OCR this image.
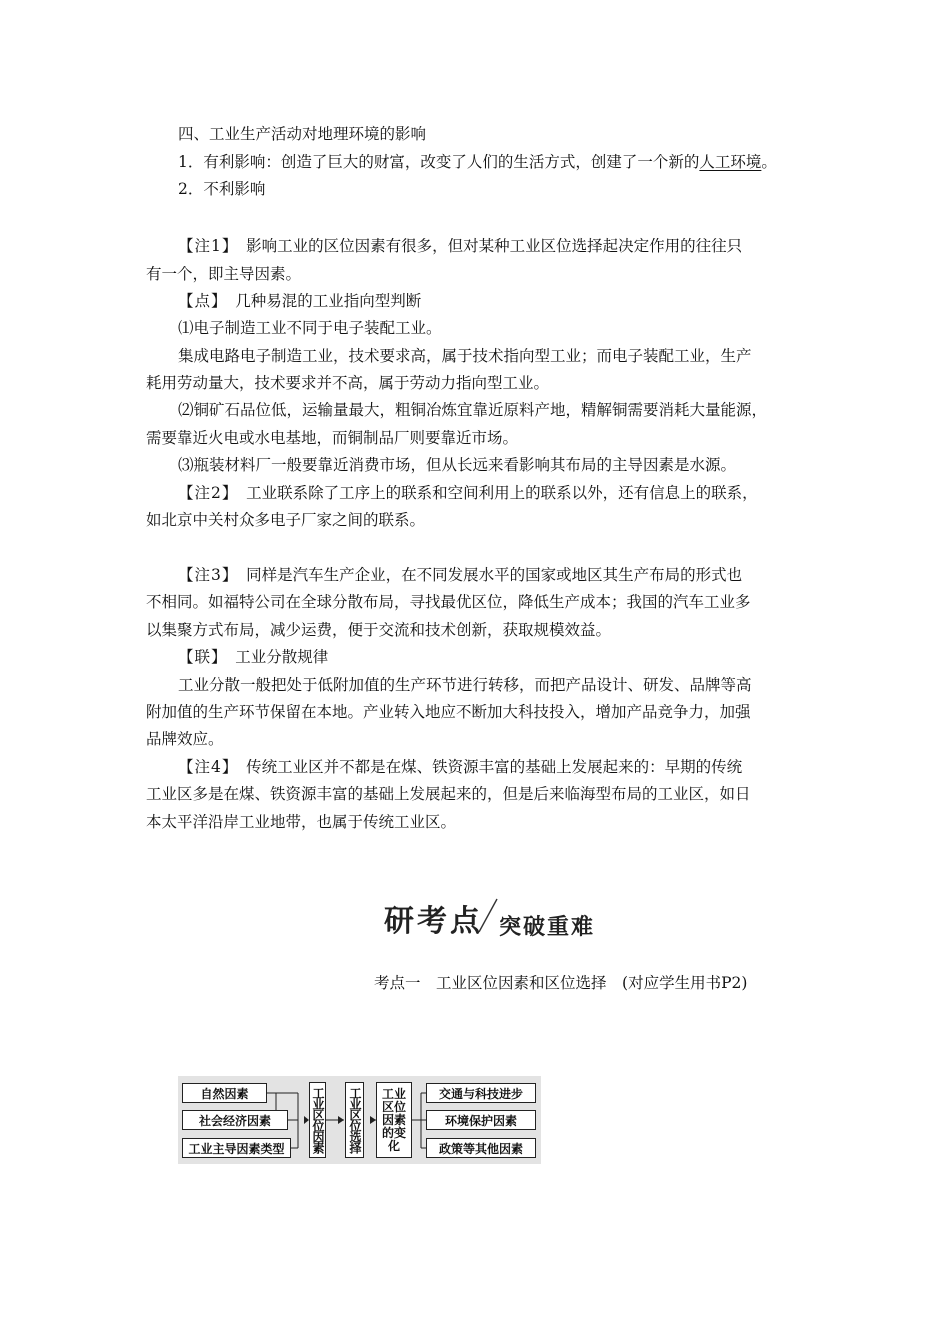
四、工业生产活动对地理环境的影响
1．有利影响：创造了巨大的财富，改变了人们的生活方式，创建了一个新的人工环境。
2．不利影响
【注1】　 影响工业的区位因素有很多，但对某种工业区位选择起决定作用的往往只
有一个，即主导因素。
【点】　 几种易混的工业指向型判断
⑴电子制造工业不同于电子装配工业。
集成电路电子制造工业，技术要求高，属于技术指向型工业；而电子装配工业，生产
耗用劳动量大，技术要求并不高，属于劳动力指向型工业。
⑵铜矿石品位低，运输量最大，粗铜冶炼宜靠近原料产地，精解铜需要消耗大量能源，
需要靠近火电或水电基地，而铜制品厂则要靠近市场。
⑶瓶装材料厂一般要靠近消费市场，但从长远来看影响其布局的主导因素是水源。
【注2】　 工业联系除了工序上的联系和空间利用上的联系以外，还有信息上的联系，
如北京中关村众多电子厂家之间的联系。
【注3】　 同样是汽车生产企业，在不同发展水平的国家或地区其生产布局的形式也
不相同。如福特公司在全球分散布局，寻找最优区位，降低生产成本；我国的汽车工业多
以集聚方式布局，减少运费，便于交流和技术创新，获取规模效益。
【联】　 工业分散规律
工业分散一般把处于低附加值的生产环节进行转移，而把产品设计、研发、品牌等高
附加值的生产环节保留在本地。产业转入地应不断加大科技投入，增加产品竞争力，加强
品牌效应。
【注4】　 传统工业区并不都是在煤、铁资源丰富的基础上发展起来的：早期的传统
工业区多是在煤、铁资源丰富的基础上发展起来的，但是后来临海型布局的工业区，如日
本太平洋沿岸工业地带，也属于传统工业区。
研考点 突破重难
考点一　工业区位因素和区位选择　 (对应学生用书P2)
自然因素
社会经济因素
工业主导因素类型	工业区位因素 工业区位选择	工业区位因素的变化
交通与科技进步
环境保护因素
政策等其他因素
